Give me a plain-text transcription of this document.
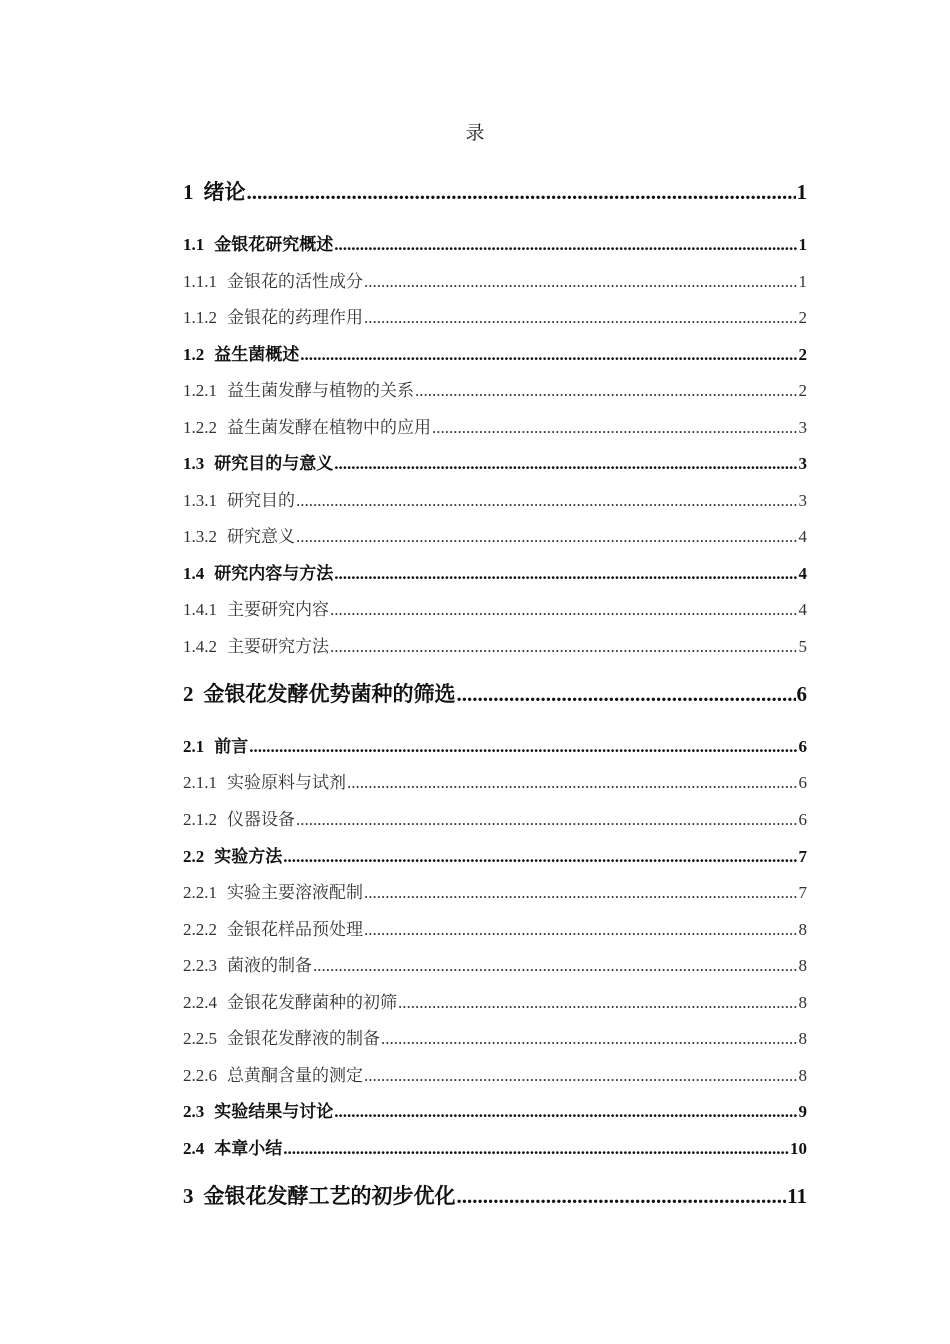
录
1 绪论 .....	1
1.1 金银花研究概述 .....	1
1.1.1 金银花的活性成分 .....	1
1.1.2 金银花的药理作用 .....	2
1.2 益生菌概述 .....	2
1.2.1 益生菌发酵与植物的关系 .....	2
1.2.2 益生菌发酵在植物中的应用 .....	3
1.3 研究目的与意义 .....	3
1.3.1 研究目的 .....	3
1.3.2 研究意义 .....	4
1.4 研究内容与方法 .....	4
1.4.1 主要研究内容 .....	4
1.4.2 主要研究方法 .....	5
2 金银花发酵优势菌种的筛选 .....	6
2.1 前言 .....	6
2.1.1 实验原料与试剂 .....	6
2.1.2 仪器设备 .....	6
2.2 实验方法 .....	7
2.2.1 实验主要溶液配制 .....	7
2.2.2 金银花样品预处理 .....	8
2.2.3 菌液的制备 .....	8
2.2.4 金银花发酵菌种的初筛 .....	8
2.2.5 金银花发酵液的制备 .....	8
2.2.6 总黄酮含量的测定 .....	8
2.3 实验结果与讨论 .....	9
2.4 本章小结 .....	10
3 金银花发酵工艺的初步优化 .....	11
